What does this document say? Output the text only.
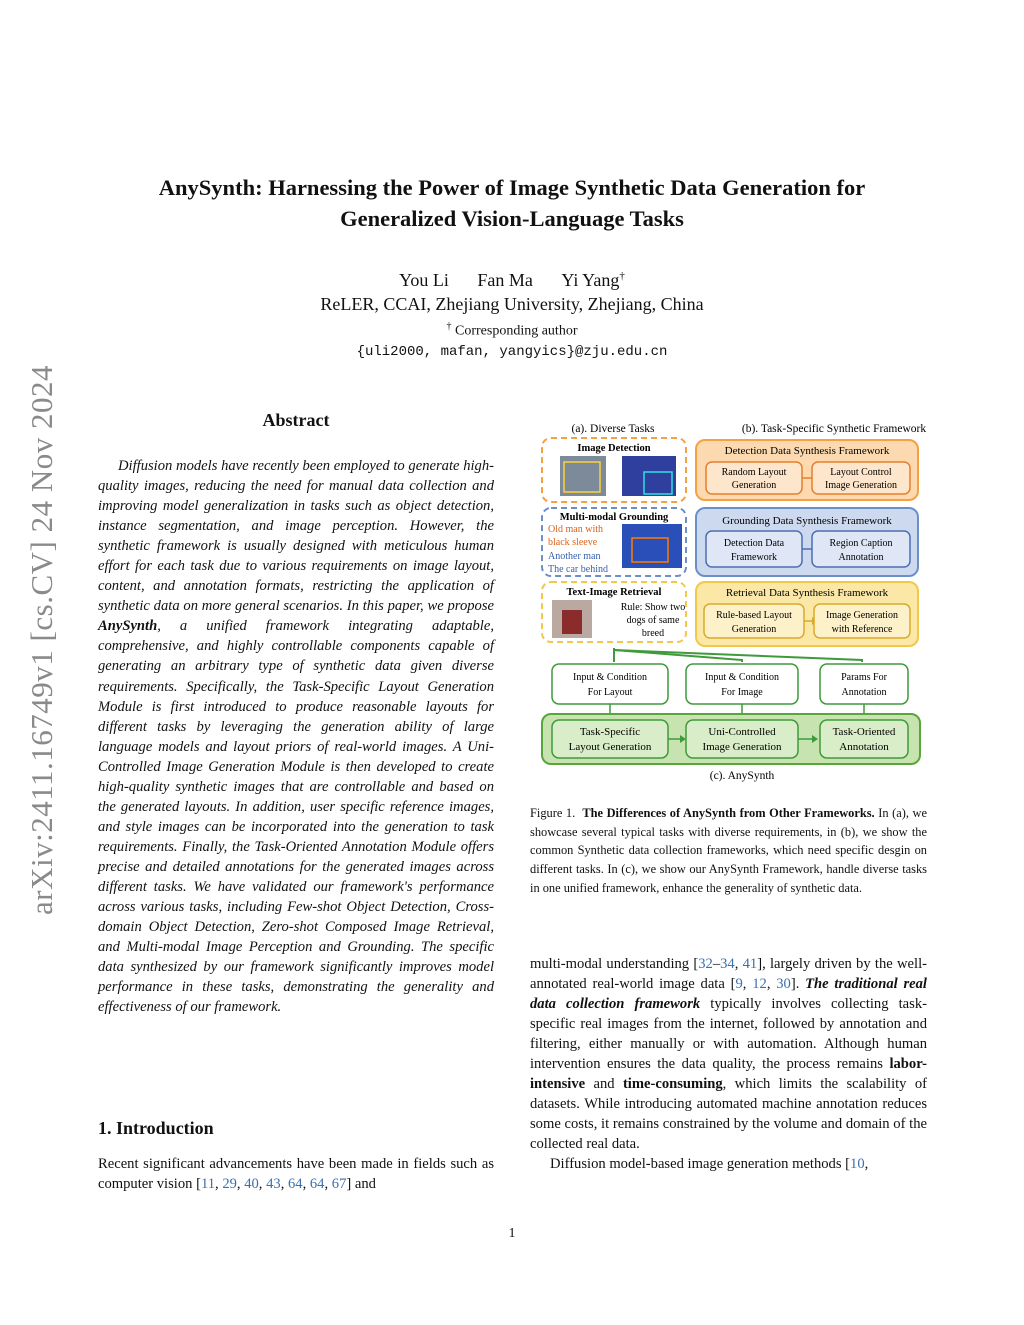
arXiv:2411.16749v1 [cs.CV] 24 Nov 2024
AnySynth: Harnessing the Power of Image Synthetic Data Generation for
Generalized Vision-Language Tasks
You Li Fan Ma Yi Yang†
ReLER, CCAI, Zhejiang University, Zhejiang, China
† Corresponding author
{uli2000, mafan, yangyics}@zju.edu.cn
Abstract
Diffusion models have recently been employed to generate high-quality images, reducing the need for manual data collection and improving model generalization in tasks such as object detection, instance segmentation, and image perception. However, the synthetic framework is usually designed with meticulous human effort for each task due to various requirements on image layout, content, and annotation formats, restricting the application of synthetic data on more general scenarios. In this paper, we propose AnySynth, a unified framework integrating adaptable, comprehensive, and highly controllable components capable of generating an arbitrary type of synthetic data given diverse requirements. Specifically, the Task-Specific Layout Generation Module is first introduced to produce reasonable layouts for different tasks by leveraging the generation ability of large language models and layout priors of real-world images. A Uni-Controlled Image Generation Module is then developed to create high-quality synthetic images that are controllable and based on the generated layouts. In addition, user specific reference images, and style images can be incorporated into the generation to task requirements. Finally, the Task-Oriented Annotation Module offers precise and detailed annotations for the generated images across different tasks. We have validated our framework's performance across various tasks, including Few-shot Object Detection, Cross-domain Object Detection, Zero-shot Composed Image Retrieval, and Multi-modal Image Perception and Grounding. The specific data synthesized by our framework significantly improves model performance in these tasks, demonstrating the generality and effectiveness of our framework.
1. Introduction
Recent significant advancements have been made in fields such as computer vision [11, 29, 40, 43, 64, 64, 67] and
(a). Diverse Tasks	(b). Task-Specific Synthetic Framework
Image Detection
Multi-modal Grounding
Old man with
black sleeve
Another man
The car behind
Text-Image Retrieval
Rule: Show two
dogs of same
breed
Detection Data Synthesis Framework
Random Layout
Generation
Layout Control
Image Generation
Grounding Data Synthesis Framework
Detection Data
Framework
Region Caption
Annotation
Retrieval Data Synthesis Framework
Rule-based Layout
Generation
Image Generation
with Reference
Input & Condition
For Layout
Input & Condition
For Image
Params For
Annotation
Task-Specific
Layout Generation
Uni-Controlled
Image Generation
Task-Oriented
Annotation
(c). AnySynth
Figure 1. The Differences of AnySynth from Other Frameworks. In (a), we showcase several typical tasks with diverse requirements, in (b), we show the common Synthetic data collection frameworks, which need specific desgin on different tasks. In (c), we show our AnySynth Framework, handle diverse tasks in one unified framework, enhance the generality of synthetic data.

multi-modal understanding [32–34, 41], largely driven by the well-annotated real-world image data [9, 12, 30]. The traditional real data collection framework typically involves collecting task-specific real images from the internet, followed by annotation and filtering, either manually or with automation. Although human intervention ensures the data quality, the process remains labor-intensive and time-consuming, which limits the scalability of datasets. While introducing automated machine annotation reduces some costs, it remains constrained by the volume and domain of the collected real data.

Diffusion model-based image generation methods [10,

1
